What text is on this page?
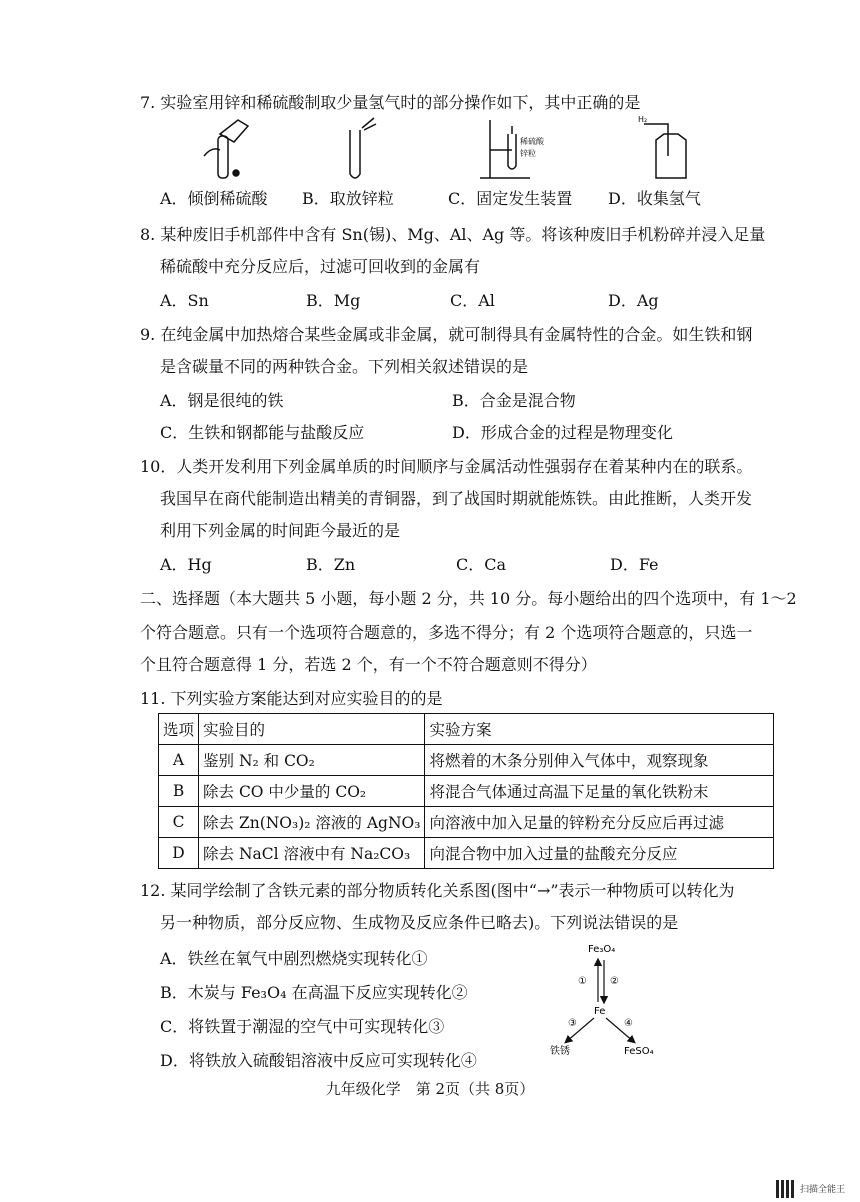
7. 实验室用锌和稀硫酸制取少量氢气时的部分操作如下，其中正确的是
稀硫酸
锌粒
H₂
A．倾倒稀硫酸 B．取放锌粒	C．固定发生装置 D．收集氢气
8. 某种废旧手机部件中含有 Sn(锡)、Mg、Al、Ag 等。将该种废旧手机粉碎并浸入足量
稀硫酸中充分反应后，过滤可回收到的金属有
A．Sn	B．Mg	C．Al	D．Ag
9. 在纯金属中加热熔合某些金属或非金属，就可制得具有金属特性的合金。如生铁和钢
是含碳量不同的两种铁合金。下列相关叙述错误的是
A．钢是很纯的铁	B．合金是混合物
C．生铁和钢都能与盐酸反应	D．形成合金的过程是物理变化
10．人类开发利用下列金属单质的时间顺序与金属活动性强弱存在着某种内在的联系。
我国早在商代能制造出精美的青铜器，到了战国时期就能炼铁。由此推断，人类开发
利用下列金属的时间距今最近的是
A．Hg	B．Zn	C．Ca	D．Fe
二、选择题（本大题共 5 小题，每小题 2 分，共 10 分。每小题给出的四个选项中，有 1～2
个符合题意。只有一个选项符合题意的，多选不得分；有 2 个选项符合题意的，只选一
个且符合题意得 1 分，若选 2 个，有一个不符合题意则不得分）
11. 下列实验方案能达到对应实验目的的是
选项	实验目的	实验方案
A	鉴别 N₂ 和 CO₂	将燃着的木条分别伸入气体中，观察现象
B	除去 CO 中少量的 CO₂	将混合气体通过高温下足量的氧化铁粉末
C	除去 Zn(NO₃)₂ 溶液的 AgNO₃	向溶液中加入足量的锌粉充分反应后再过滤
D	除去 NaCl 溶液中有 Na₂CO₃	向混合物中加入过量的盐酸充分反应
12. 某同学绘制了含铁元素的部分物质转化关系图(图中“→”表示一种物质可以转化为
另一种物质，部分反应物、生成物及反应条件已略去)。下列说法错误的是
A．铁丝在氧气中剧烈燃烧实现转化①
B．木炭与 Fe₃O₄ 在高温下反应实现转化②
C．将铁置于潮湿的空气中可实现转化③
D．将铁放入硫酸铝溶液中反应可实现转化④
Fe₃O₄
Fe
铁锈	FeSO₄
① ②
③	④
九年级化学　第 2页（共 8页）
扫描全能王
